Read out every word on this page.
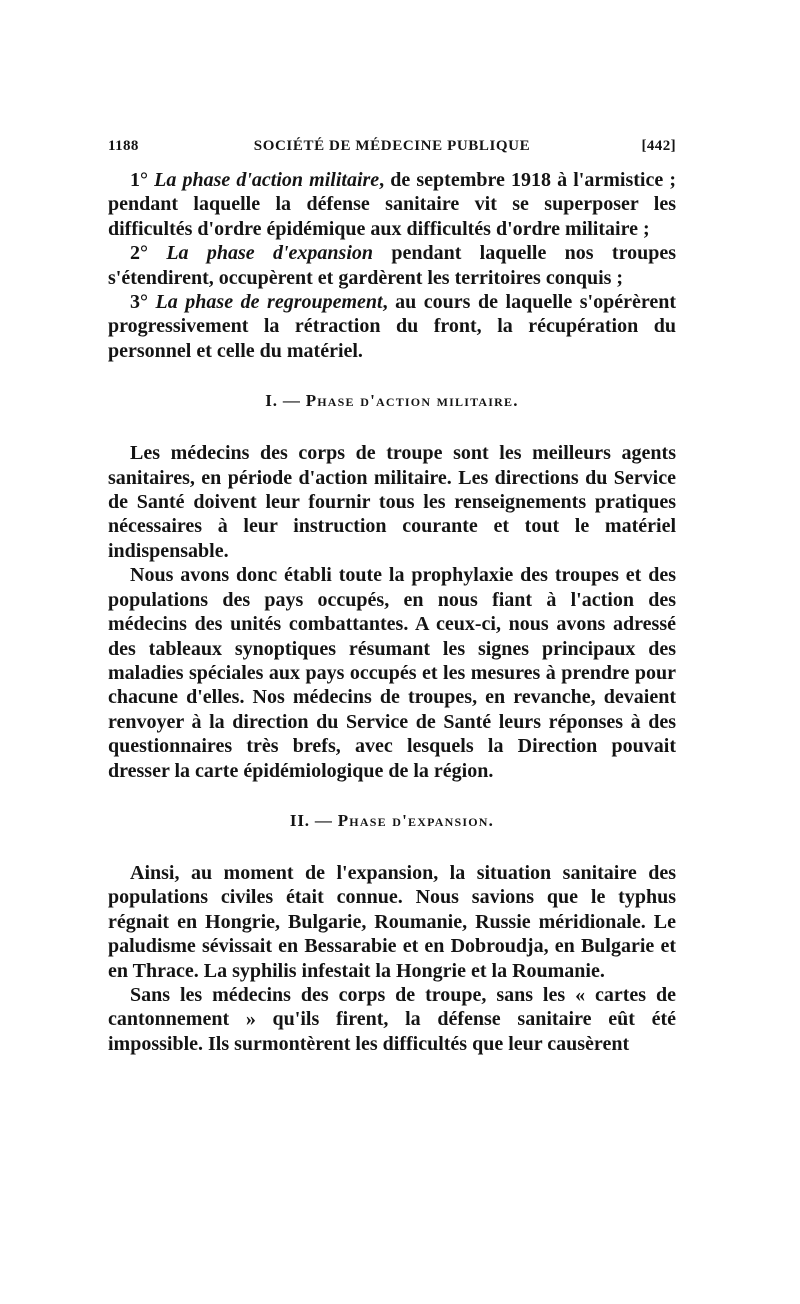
1188	SOCIÉTÉ DE MÉDECINE PUBLIQUE	[442]

1° La phase d'action militaire, de septembre 1918 à l'armistice ; pendant laquelle la défense sanitaire vit se superposer les difficultés d'ordre épidémique aux difficultés d'ordre militaire ;

2° La phase d'expansion pendant laquelle nos troupes s'étendirent, occupèrent et gardèrent les territoires conquis ;

3° La phase de regroupement, au cours de laquelle s'opérèrent progressivement la rétraction du front, la récupération du personnel et celle du matériel.

I. — Phase d'action militaire.

Les médecins des corps de troupe sont les meilleurs agents sanitaires, en période d'action militaire. Les directions du Service de Santé doivent leur fournir tous les renseignements pratiques nécessaires à leur instruction courante et tout le matériel indispensable.

Nous avons donc établi toute la prophylaxie des troupes et des populations des pays occupés, en nous fiant à l'action des médecins des unités combattantes. A ceux-ci, nous avons adressé des tableaux synoptiques résumant les signes principaux des maladies spéciales aux pays occupés et les mesures à prendre pour chacune d'elles. Nos médecins de troupes, en revanche, devaient renvoyer à la direction du Service de Santé leurs réponses à des questionnaires très brefs, avec lesquels la Direction pouvait dresser la carte épidémiologique de la région.

II. — Phase d'expansion.

Ainsi, au moment de l'expansion, la situation sanitaire des populations civiles était connue. Nous savions que le typhus régnait en Hongrie, Bulgarie, Roumanie, Russie méridionale. Le paludisme sévissait en Bessarabie et en Dobroudja, en Bulgarie et en Thrace. La syphilis infestait la Hongrie et la Roumanie.

Sans les médecins des corps de troupe, sans les « cartes de cantonnement » qu'ils firent, la défense sanitaire eût été impossible. Ils surmontèrent les difficultés que leur causèrent
